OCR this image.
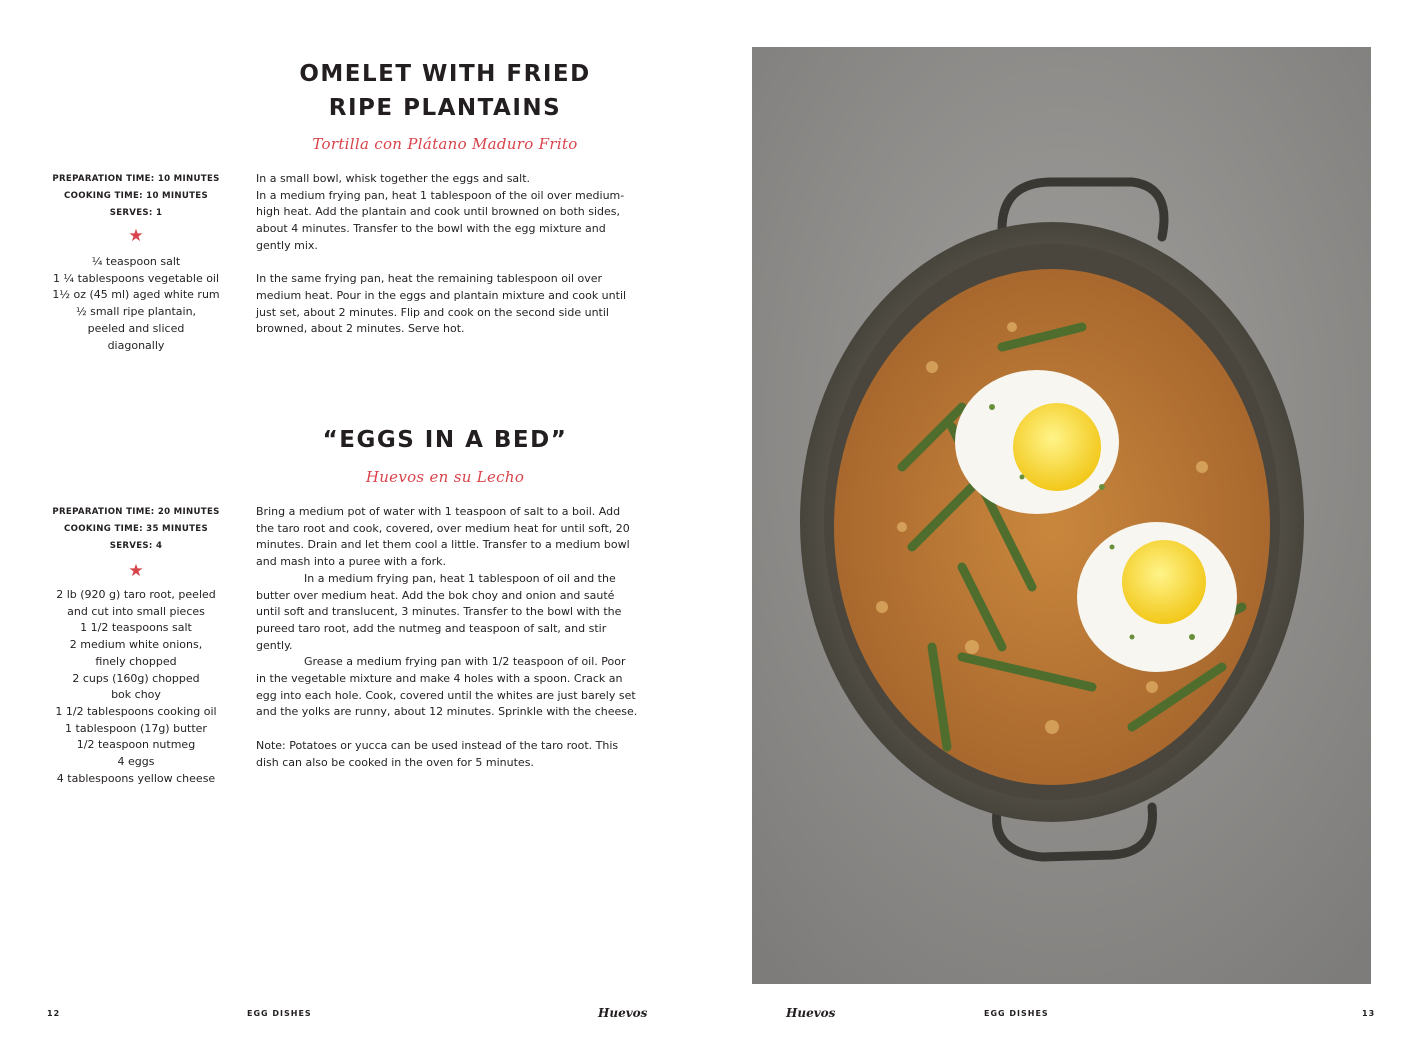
OMELET WITH FRIED
RIPE PLANTAINS
Tortilla con Plátano Maduro Frito
PREPARATION TIME: 10 MINUTES
COOKING TIME: 10 MINUTES
SERVES: 1
★
¼ teaspoon salt
1 ¼ tablespoons vegetable oil
1½ oz (45 ml) aged white rum
½ small ripe plantain,
peeled and sliced
diagonally

In a small bowl, whisk together the eggs and salt.

In a medium frying pan, heat 1 tablespoon of the oil over medium-high heat. Add the plantain and cook until browned on both sides, about 4 minutes. Transfer to the bowl with the egg mixture and gently mix.

In the same frying pan, heat the remaining tablespoon oil over medium heat. Pour in the eggs and plantain mixture and cook until just set, about 2 minutes. Flip and cook on the second side until browned, about 2 minutes. Serve hot.

“EGGS IN A BED”
Huevos en su Lecho
PREPARATION TIME: 20 MINUTES
COOKING TIME: 35 MINUTES
SERVES: 4
★
2 lb (920 g) taro root, peeled
and cut into small pieces
1 1/2 teaspoons salt
2 medium white onions,
finely chopped
2 cups (160g) chopped
bok choy
1 1/2 tablespoons cooking oil
1 tablespoon (17g) butter
1/2 teaspoon nutmeg
4 eggs
4 tablespoons yellow cheese

Bring a medium pot of water with 1 teaspoon of salt to a boil. Add the taro root and cook, covered, over medium heat for until soft, 20 minutes. Drain and let them cool a little. Transfer to a medium bowl and mash into a puree with a fork.

In a medium frying pan, heat 1 tablespoon of oil and the butter over medium heat. Add the bok choy and onion and sauté until soft and translucent, 3 minutes. Transfer to the bowl with the pureed taro root, add the nutmeg and teaspoon of salt, and stir gently.

Grease a medium frying pan with 1/2 teaspoon of oil. Poor in the vegetable mixture and make 4 holes with a spoon. Crack an egg into each hole. Cook, covered until the whites are just barely set and the yolks are runny, about 12 minutes. Sprinkle with the cheese.

Note: Potatoes or yucca can be used instead of the taro root. This dish can also be cooked in the oven for 5 minutes.

12	EGG DISHES	Huevos	Huevos	EGG DISHES	13
